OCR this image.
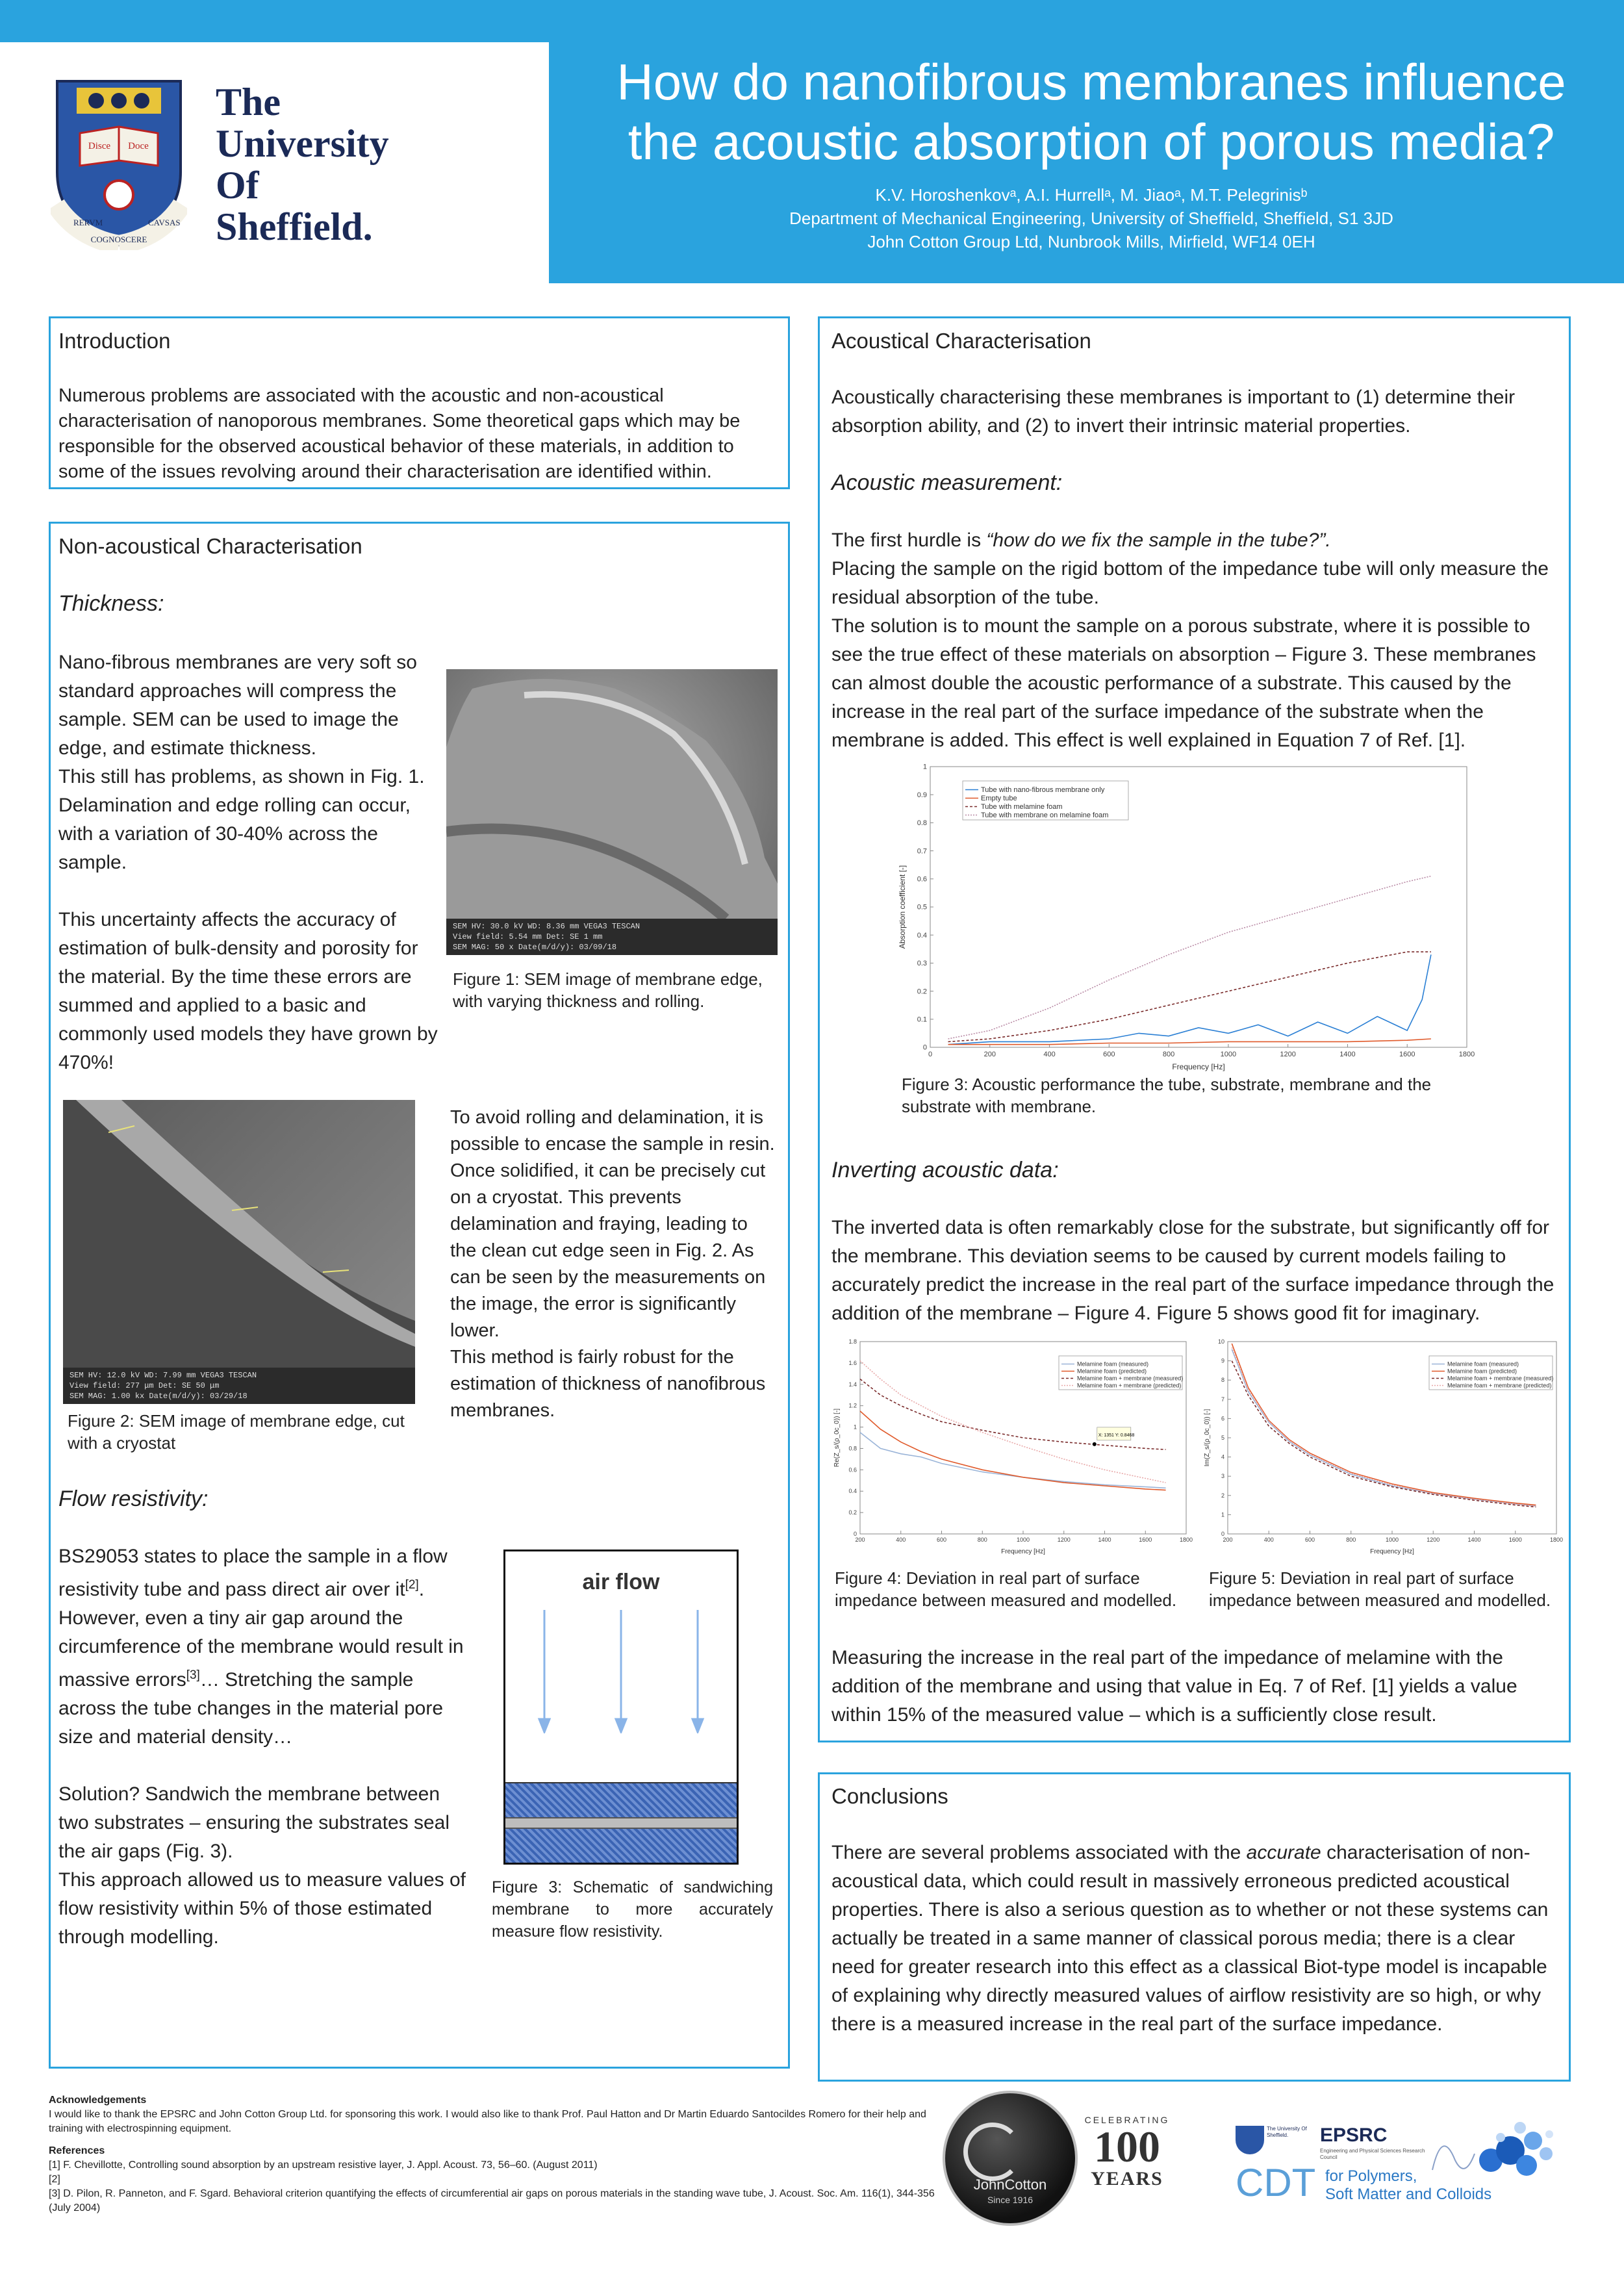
Disce Doce
RERVM
COGNOSCERE
CAVSAS
The
University
Of
Sheffield.
How do nanofibrous membranes influence
the acoustic absorption of porous media?
K.V. Horoshenkovᵃ, A.I. Hurrellᵃ, M. Jiaoᵃ, M.T. Pelegrinisᵇ
Department of Mechanical Engineering, University of Sheffield, Sheffield, S1 3JD
John Cotton Group Ltd, Nunbrook Mills, Mirfield, WF14 0EH
Introduction
Numerous problems are associated with the acoustic and non-acoustical characterisation of nanoporous membranes. Some theoretical gaps which may be responsible for the observed acoustical behavior of these materials, in addition to some of the issues revolving around their characterisation are identified within.
Non-acoustical Characterisation
Thickness:

Nano-fibrous membranes are very soft so standard approaches will compress the sample. SEM can be used to image the edge, and estimate thickness.

This still has problems, as shown in Fig. 1. Delamination and edge rolling can occur, with a variation of 30-40% across the sample.

This uncertainty affects the accuracy of estimation of bulk-density and porosity for the material. By the time these errors are summed and applied to a basic and commonly used models they have grown by 470%!

SEM HV: 30.0 kV WD: 8.36 mm VEGA3 TESCAN
View field: 5.54 mm Det: SE 1 mm
SEM MAG: 50 x Date(m/d/y): 03/09/18
Figure 1: SEM image of membrane edge, with varying thickness and rolling.
SEM HV: 12.0 kV WD: 7.99 mm VEGA3 TESCAN
View field: 277 μm Det: SE 50 μm
SEM MAG: 1.00 kx Date(m/d/y): 03/29/18
Figure 2: SEM image of membrane edge, cut with a cryostat

To avoid rolling and delamination, it is possible to encase the sample in resin.

Once solidified, it can be precisely cut on a cryostat. This prevents delamination and fraying, leading to the clean cut edge seen in Fig. 2. As can be seen by the measurements on the image, the error is significantly lower.

This method is fairly robust for the estimation of thickness of nanofibrous membranes.

Flow resistivity:

BS29053 states to place the sample in a flow resistivity tube and pass direct air over it[2]. However, even a tiny air gap around the circumference of the membrane would result in massive errors[3]… Stretching the sample across the tube changes in the material pore size and material density…

Solution? Sandwich the membrane between two substrates – ensuring the substrates seal the air gaps (Fig. 3).

This approach allowed us to measure values of flow resistivity within 5% of those estimated through modelling.

air flow
Figure 3: Schematic of sandwiching membrane to more accurately measure flow resistivity.
Acoustical Characterisation
Acoustically characterising these membranes is important to (1) determine their absorption ability, and (2) to invert their intrinsic material properties.
Acoustic measurement:

The first hurdle is “how do we fix the sample in the tube?”.

Placing the sample on the rigid bottom of the impedance tube will only measure the residual absorption of the tube.

The solution is to mount the sample on a porous substrate, where it is possible to see the true effect of these materials on absorption – Figure 3. These membranes can almost double the acoustic performance of a substrate. This caused by the increase in the real part of the surface impedance of the substrate when the membrane is added. This effect is well explained in Equation 7 of Ref. [1].

0	200	400	600	800	1000	1200	1400	1600	1800
0
0.1
0.2
0.3
0.4
0.5
0.6
0.7
0.8
0.9
1
Frequency [Hz]
Absorption coefficient [-]
Tube with nano-fibrous membrane only
Empty tube
Tube with melamine foam
Tube with membrane on melamine foam
Figure 3: Acoustic performance the tube, substrate, membrane and the substrate with membrane.
Inverting acoustic data:
The inverted data is often remarkably close for the substrate, but significantly off for the membrane. This deviation seems to be caused by current models failing to accurately predict the increase in the real part of the surface impedance through the addition of the membrane – Figure 4. Figure 5 shows good fit for imaginary.
200	400	600	800	1000	1200	1400	1600	1800
0
0.2
0.4
0.6
0.8
1
1.2
1.4
1.6
1.8
Frequency [Hz]
Re(Z_s/(ρ_0c_0)) [-]
Melamine foam (measured)
Melamine foam (predicted)
Melamine foam + membrane (measured)
Melamine foam + membrane (predicted)
X: 1351 Y: 0.8468
200	400	600	800	1000	1200	1400	1600	1800
0
1
2
3
4
5
6
7
8
9
10
Frequency [Hz]
Im(Z_s/(ρ_0c_0)) [-]
Melamine foam (measured)
Melamine foam (predicted)
Melamine foam + membrane (measured)
Melamine foam + membrane (predicted)
Figure 4: Deviation in real part of surface impedance between measured and modelled.
Figure 5: Deviation in real part of surface impedance between measured and modelled.
Measuring the increase in the real part of the impedance of melamine with the addition of the membrane and using that value in Eq. 7 of Ref. [1] yields a value within 15% of the measured value – which is a sufficiently close result.
Conclusions
There are several problems associated with the accurate characterisation of non-acoustical data, which could result in massively erroneous predicted acoustical properties. There is also a serious question as to whether or not these systems can actually be treated in a same manner of classical porous media; there is a clear need for greater research into this effect as a classical Biot-type model is incapable of explaining why directly measured values of airflow resistivity are so high, or why there is a measured increase in the real part of the surface impedance.
Acknowledgements
I would like to thank the EPSRC and John Cotton Group Ltd. for sponsoring this work. I would also like to thank Prof. Paul Hatton and Dr Martin Eduardo Santocildes Romero for their help and training with electrospinning equipment.
References
[1] F. Chevillotte, Controlling sound absorption by an upstream resistive layer, J. Appl. Acoust. 73, 56–60. (August 2011)
[2]
[3] D. Pilon, R. Panneton, and F. Sgard. Behavioral criterion quantifying the effects of circumferential air gaps on porous materials in the standing wave tube, J. Acoust. Soc. Am. 116(1), 344-356 (July 2004)
JohnCotton
Since 1916
CELEBRATING
100
YEARS
The University Of Sheffield.	EPSRC
Engineering and Physical Sciences Research Council
CDT for Polymers,
Soft Matter and Colloids
